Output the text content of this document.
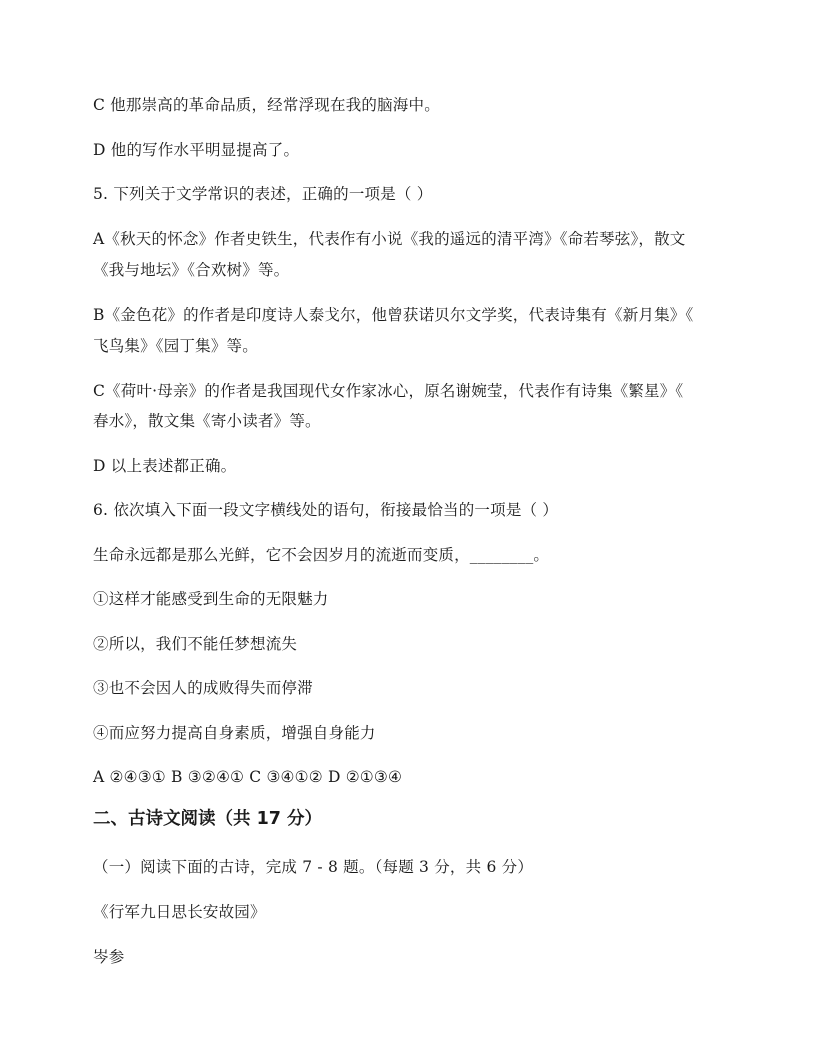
C 他那崇高的革命品质，经常浮现在我的脑海中。
D 他的写作水平明显提高了。
5. 下列关于文学常识的表述，正确的一项是（ ）
A《秋天的怀念》作者史铁生，代表作有小说《我的遥远的清平湾》《命若琴弦》，散文
《我与地坛》《合欢树》等。
B《金色花》的作者是印度诗人泰戈尔，他曾获诺贝尔文学奖，代表诗集有《新月集》《
飞鸟集》《园丁集》等。
C《荷叶·母亲》的作者是我国现代女作家冰心，原名谢婉莹，代表作有诗集《繁星》《
春水》，散文集《寄小读者》等。
D 以上表述都正确。
6. 依次填入下面一段文字横线处的语句，衔接最恰当的一项是（ ）
生命永远都是那么光鲜，它不会因岁月的流逝而变质，________。
①这样才能感受到生命的无限魅力
②所以，我们不能任梦想流失
③也不会因人的成败得失而停滞
④而应努力提高自身素质，增强自身能力
A ②④③① B ③②④① C ③④①② D ②①③④
二、古诗文阅读（共 17 分）
（一）阅读下面的古诗，完成 7 - 8 题。（每题 3 分，共 6 分）
《行军九日思长安故园》
岑参
